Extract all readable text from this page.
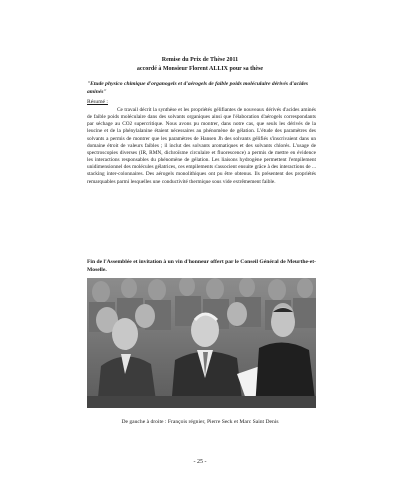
Remise du Prix de Thèse 2011
accordé à Monsieur Florent ALLIX pour sa thèse
"Etude physico chimique d'organogels et d'aérogels de faible poids moléculaire dérivés d'acides aminés"
Résumé :

Ce travail décrit la synthèse et les propriétés gélifiantes de nouveaux dérivés d'acides aminés de faible poids moléculaire dans des solvants organiques ainsi que l'élaboration d'aérogels correspondants par séchage au CO2 supercritique. Nous avons pu montrer, dans notre cas, que seuls les dérivés de la leucine et de la phénylalanine étaient nécessaires au phénomène de gélation. L'étude des paramètres des solvants a permis de montrer que les paramètres de Hansen Jh des solvants gélifiés s'inscrivaient dans un domaine étroit de valeurs faibles ; il inclut des solvants aromatiques et des solvants chlorés. L'usage de spectroscopies diverses (IR, RMN, dichroïsme circulaire et fluorescence) a permis de mettre en évidence les interactions responsables du phénomène de gélation. Les liaisons hydrogène permettent l'empilement unidimensionnel des molécules gélatrices, ces empilements s'associent ensuite grâce à des interactions de ... stacking inter-colonnaires. Des aérogels monolithiques ont pu être obtenus. Ils présentent des propriétés remarquables parmi lesquelles une conductivité thermique sous vide extrêmement faible.

Fin de l'Assemblée et invitation à un vin d'honneur offert par le Conseil Général de Meurthe-et-Moselle.
De gauche à droite : François régnier, Pierre Seck et Marc Saint Denis
- 25 -
